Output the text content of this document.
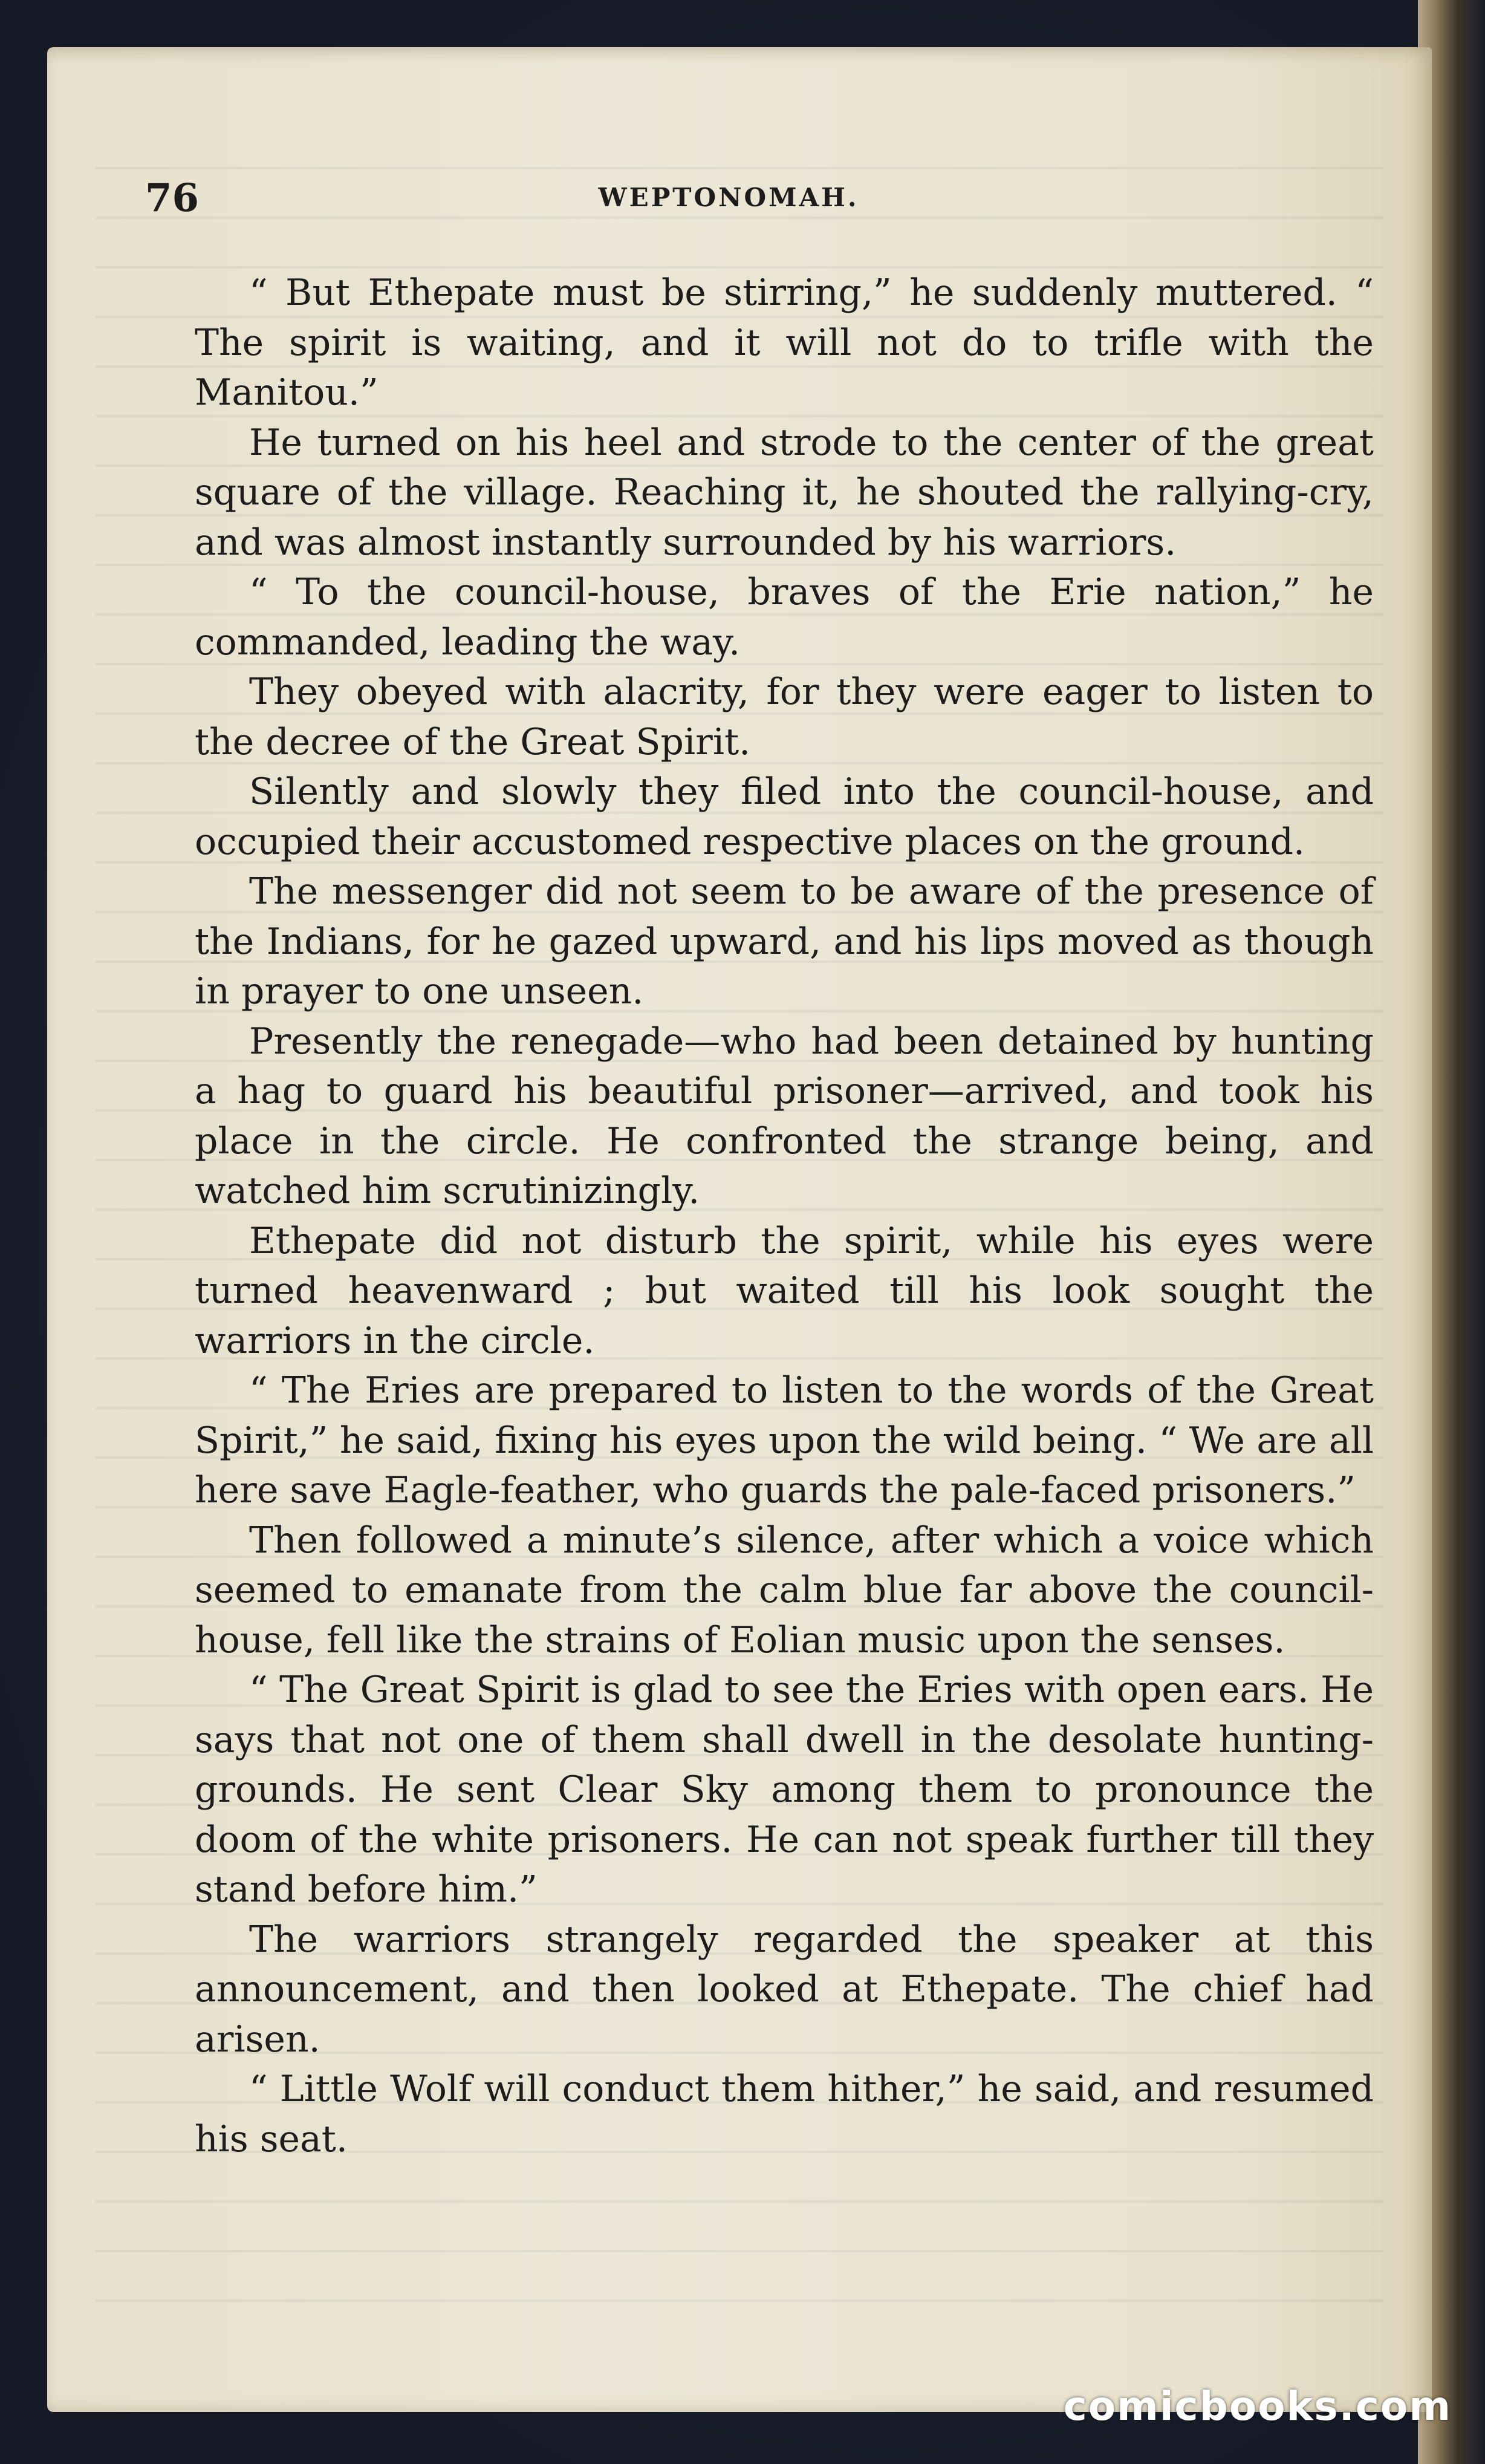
76	WEPTONOMAH.

“ But Ethepate must be stirring,” he suddenly muttered. “ The spirit is waiting, and it will not do to trifle with the Manitou.”

He turned on his heel and strode to the center of the great square of the village. Reaching it, he shouted the rallying-cry, and was almost instantly surrounded by his warriors.

“ To the council-house, braves of the Erie nation,” he commanded, leading the way.

They obeyed with alacrity, for they were eager to listen to the decree of the Great Spirit.

Silently and slowly they filed into the council-house, and occupied their accustomed respective places on the ground.

The messenger did not seem to be aware of the presence of the Indians, for he gazed upward, and his lips moved as though in prayer to one unseen.

Presently the renegade—who had been detained by hunting a hag to guard his beautiful prisoner—arrived, and took his place in the circle. He confronted the strange being, and watched him scrutinizingly.

Ethepate did not disturb the spirit, while his eyes were turned heavenward ; but waited till his look sought the warriors in the circle.

“ The Eries are prepared to listen to the words of the Great Spirit,” he said, fixing his eyes upon the wild being. “ We are all here save Eagle-feather, who guards the pale-faced prisoners.”

Then followed a minute’s silence, after which a voice which seemed to emanate from the calm blue far above the council-house, fell like the strains of Eolian music upon the senses.

“ The Great Spirit is glad to see the Eries with open ears. He says that not one of them shall dwell in the desolate hunting-grounds. He sent Clear Sky among them to pronounce the doom of the white prisoners. He can not speak further till they stand before him.”

The warriors strangely regarded the speaker at this announcement, and then looked at Ethepate. The chief had arisen.

“ Little Wolf will conduct them hither,” he said, and resumed his seat.

comicbooks.com
